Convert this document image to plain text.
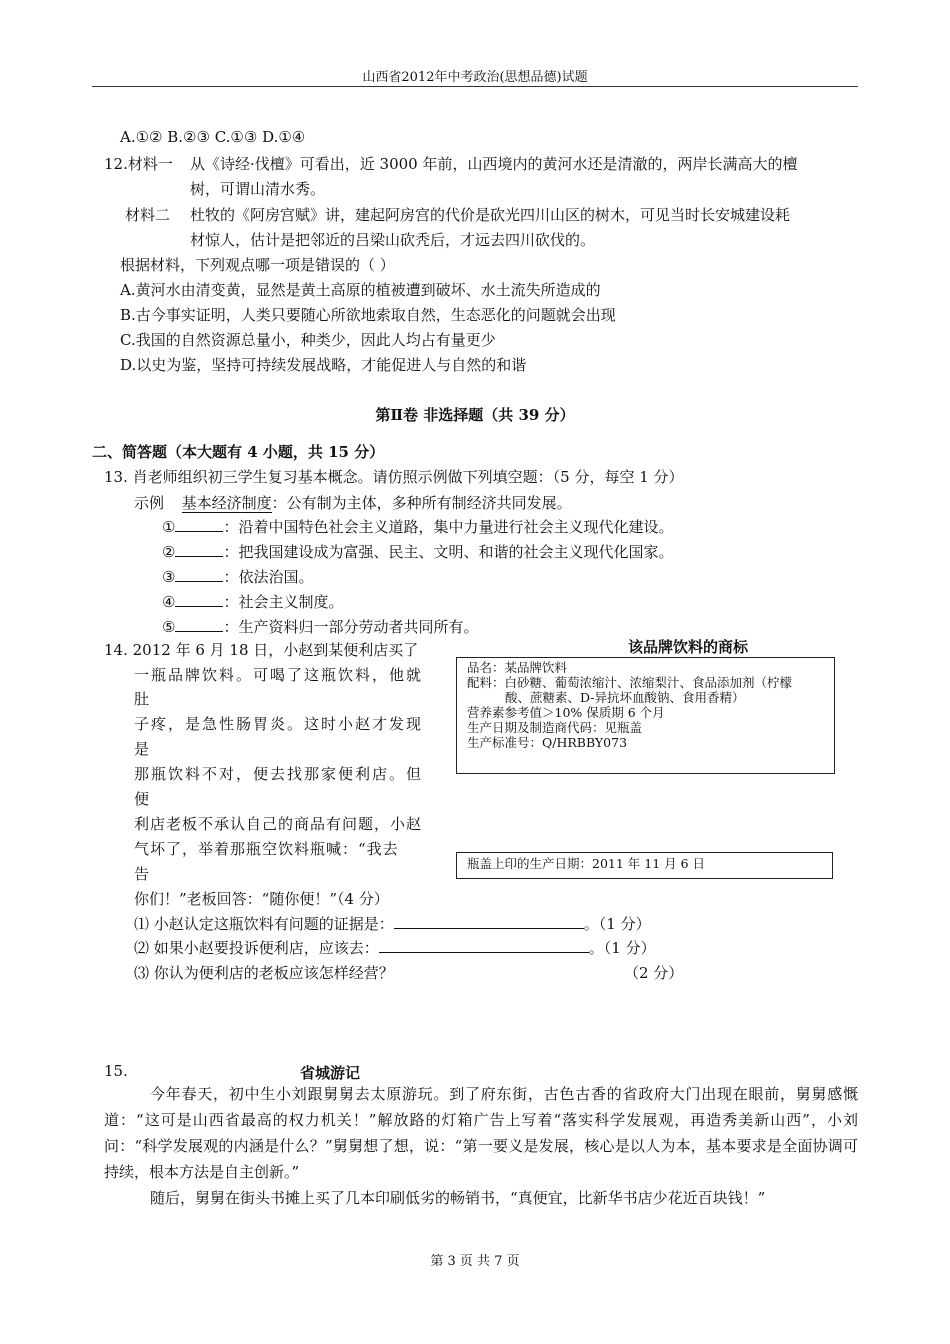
山西省2012年中考政治(思想品德)试题
A.①② B.②③ C.①③ D.①④
12.材料一 从《诗经·伐檀》可看出，近 3000 年前，山西境内的黄河水还是清澈的，两岸长满高大的檀
树，可谓山清水秀。
材料二 杜牧的《阿房宫赋》讲，建起阿房宫的代价是砍光四川山区的树木，可见当时长安城建设耗
材惊人，估计是把邻近的吕梁山砍秃后，才远去四川砍伐的。
根据材料，下列观点哪一项是错误的（ ）
A.黄河水由清变黄，显然是黄土高原的植被遭到破坏、水土流失所造成的
B.古今事实证明，人类只要随心所欲地索取自然，生态恶化的问题就会出现
C.我国的自然资源总量小，种类少，因此人均占有量更少
D.以史为鉴，坚持可持续发展战略，才能促进人与自然的和谐
第Ⅱ卷 非选择题（共 39 分）
二、简答题（本大题有 4 小题，共 15 分）
13. 肖老师组织初三学生复习基本概念。请仿照示例做下列填空题：（5 分，每空 1 分）
示例 基本经济制度：公有制为主体，多种所有制经济共同发展。
①	：沿着中国特色社会主义道路，集中力量进行社会主义现代化建设。
②	：把我国建设成为富强、民主、文明、和谐的社会主义现代化国家。
③	：依法治国。
④	：社会主义制度。
⑤	：生产资料归一部分劳动者共同所有。
14. 2012 年 6 月 18 日，小赵到某便利店买了
一瓶品牌饮料。可喝了这瓶饮料，他就
肚
子疼，是急性肠胃炎。这时小赵才发现
是
那瓶饮料不对，便去找那家便利店。但
便
利店老板不承认自己的商品有问题，小赵
气坏了，举着那瓶空饮料瓶喊：“我去
告
你们！”老板回答：“随你便！”（4 分）
该品牌饮料的商标
品名：某品牌饮料
配料：白砂糖、葡萄浓缩汁、浓缩梨汁、食品添加剂（柠檬
酸、蔗糖素、D-异抗坏血酸钠、食用香精）
营养素参考值＞10% 保质期 6 个月
生产日期及制造商代码：见瓶盖
生产标准号：Q/HRBBY073
瓶盖上印的生产日期：2011 年 11 月 6 日
⑴ 小赵认定这瓶饮料有问题的证据是：	。（1 分）
⑵ 如果小赵要投诉便利店，应该去：	。（1 分）
⑶ 你认为便利店的老板应该怎样经营？	（2 分）
15.	省城游记
今年春天，初中生小刘跟舅舅去太原游玩。到了府东街，古色古香的省政府大门出现在眼前，舅舅感慨道：“这可是山西省最高的权力机关！”解放路的灯箱广告上写着“落实科学发展观，再造秀美新山西”，小刘问：“科学发展观的内涵是什么？”舅舅想了想，说：“第一要义是发展，核心是以人为本，基本要求是全面协调可持续，根本方法是自主创新。”
随后，舅舅在街头书摊上买了几本印刷低劣的畅销书，“真便宜，比新华书店少花近百块钱！”
第 3 页 共 7 页
